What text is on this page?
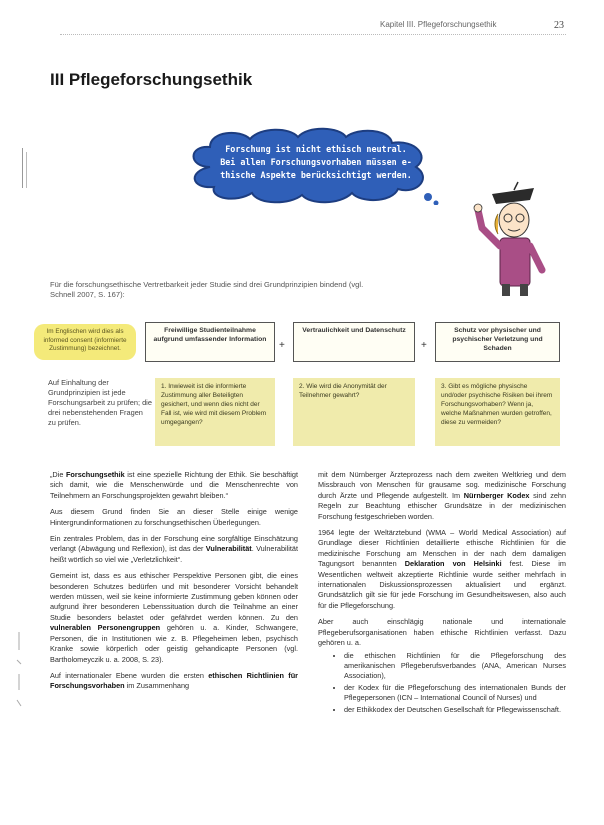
Kapitel III. Pflegeforschungsethik	23
III Pflegeforschungsethik
Forschung ist nicht ethisch neutral.
Bei allen Forschungsvorhaben müssen e-
thische Aspekte berücksichtigt werden.
Für die forschungsethische Vertretbarkeit jeder Studie sind drei Grundprinzipien bindend (vgl. Schnell 2007, S. 167):
Im Englischen wird dies als informed consent (informierte Zustimmung) bezeichnet.
Freiwillige Studienteilnahme aufgrund umfassender Information
+
Vertraulichkeit und Datenschutz
+
Schutz vor physischer und psychischer Verletzung und Schaden
Auf Einhaltung der Grundprinzipien ist jede Forschungsarbeit zu prüfen; die drei nebenstehenden Fragen zu prüfen.
1. Inwieweit ist die informierte Zustimmung aller Beteiligten gesichert, und wenn dies nicht der Fall ist, wie wird mit diesem Problem umgegangen?
2. Wie wird die Anonymität der Teilnehmer gewahrt?
3. Gibt es mögliche physische und/oder psychische Risiken bei ihrem Forschungsvorhaben? Wenn ja, welche Maßnahmen wurden getroffen, diese zu vermeiden?

„Die Forschungsethik ist eine spezielle Richtung der Ethik. Sie beschäftigt sich damit, wie die Menschenwürde und die Menschenrechte von Teilnehmern an Forschungsprojekten gewahrt bleiben.“

Aus diesem Grund finden Sie an dieser Stelle einige wenige Hintergrundinformationen zu forschungsethischen Überlegungen.

Ein zentrales Problem, das in der Forschung eine sorgfältige Einschätzung verlangt (Abwägung und Reflexion), ist das der Vulnerabilität. Vulnerabilität heißt wörtlich so viel wie „Verletzlichkeit“.

Gemeint ist, dass es aus ethischer Perspektive Personen gibt, die eines besonderen Schutzes bedürfen und mit besonderer Vorsicht behandelt werden müssen, weil sie keine informierte Zustimmung geben können oder aufgrund ihrer besonderen Lebenssituation durch die Teilnahme an einer Studie besonders belastet oder gefährdet werden können. Zu den vulnerablen Personengruppen gehören u. a. Kinder, Schwangere, Personen, die in Institutionen wie z. B. Pflegeheimen leben, psychisch Kranke sowie körperlich oder geistig gehandicapte Personen (vgl. Bartholomeyczik u. a. 2008, S. 23).

Auf internationaler Ebene wurden die ersten ethischen Richtlinien für Forschungsvorhaben im Zusammenhang

mit dem Nürnberger Ärzteprozess nach dem zweiten Weltkrieg und dem Missbrauch von Menschen für grausame sog. medizinische Forschung durch Ärzte und Pflegende aufgestellt. Im Nürnberger Kodex sind zehn Regeln zur Beachtung ethischer Grundsätze in der medizinischen Forschung festgeschrieben worden.

1964 legte der Weltärztebund (WMA – World Medical Association) auf Grundlage dieser Richtlinien detaillierte ethische Richtlinien für die medizinische Forschung am Menschen in der nach dem damaligen Tagungsort benannten Deklaration von Helsinki fest. Diese im Wesentlichen weltweit akzeptierte Richtlinie wurde seither mehrfach in internationalen Diskussionsprozessen aktualisiert und ergänzt. Grundsätzlich gilt sie für jede Forschung im Gesundheitswesen, also auch für die Pflegeforschung.

Aber auch einschlägig nationale und internationale Pflegeberufsorganisationen haben ethische Richtlinien verfasst. Dazu gehören u. a.

• die ethischen Richtlinien für die Pflegeforschung des amerikanischen Pflegeberufsverbandes (ANA, American Nurses Association),
• der Kodex für die Pflegeforschung des internationalen Bunds der Pflegepersonen (ICN – International Council of Nurses) und
• der Ethikkodex der Deutschen Gesellschaft für Pflegewissenschaft.
